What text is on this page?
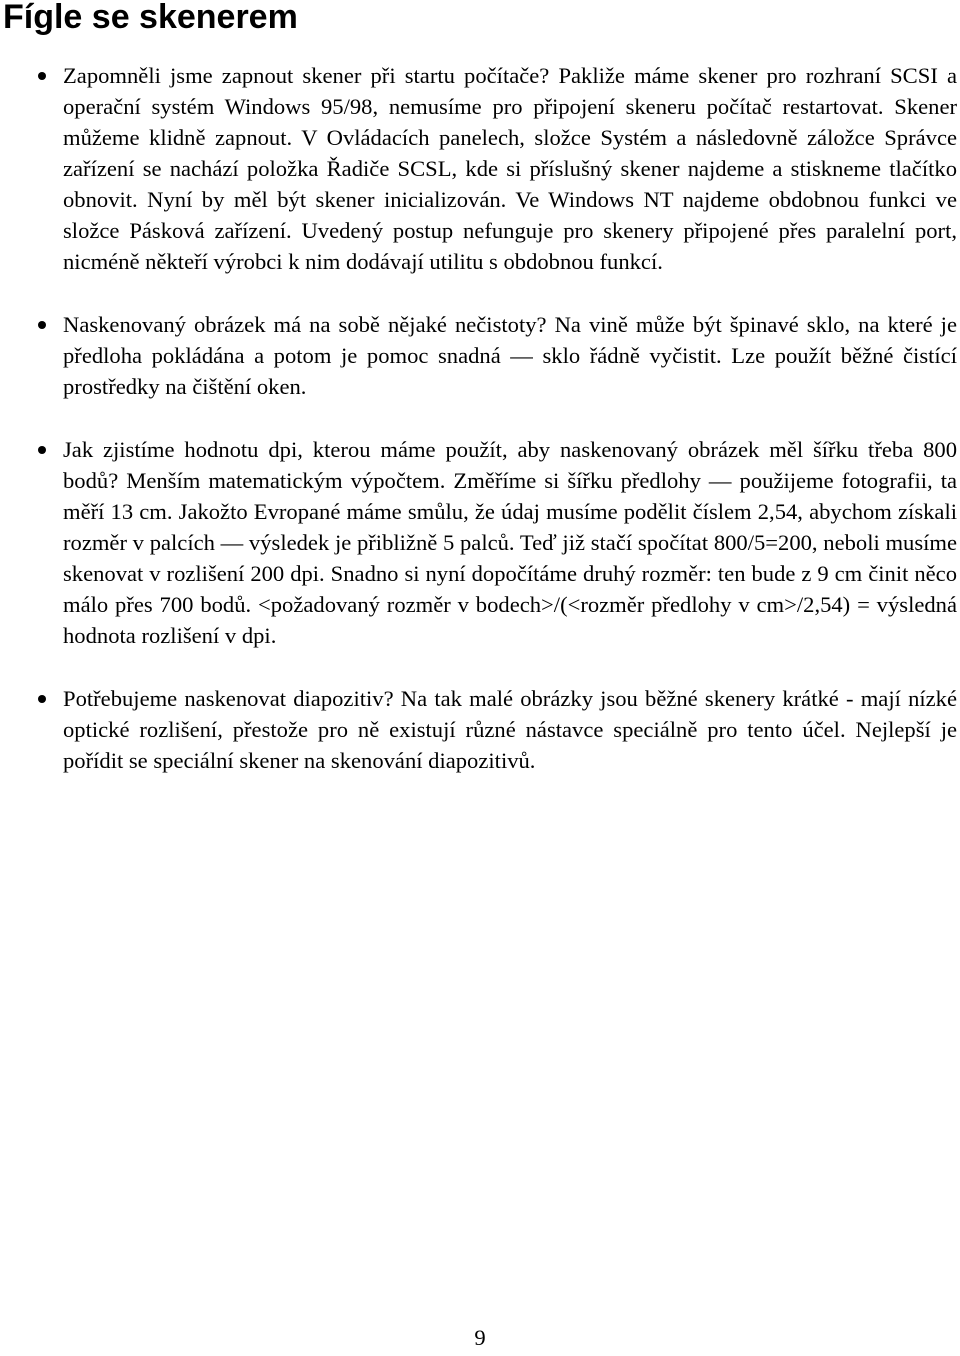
Fígle se skenerem
Zapomněli jsme zapnout skener při startu počítače? Pakliže máme skener pro rozhraní SCSI a operační systém Windows 95/98, nemusíme pro připojení skeneru počítač restartovat. Skener můžeme klidně zapnout. V Ovládacích panelech, složce Systém a následovně záložce Správce zařízení se nachází položka Řadiče SCSL, kde si příslušný skener najdeme a stiskneme tlačítko obnovit. Nyní by měl být skener inicializován. Ve Windows NT najdeme obdobnou funkci ve složce Pásková zařízení. Uvedený postup nefunguje pro skenery připojené přes paralelní port, nicméně někteří výrobci k nim dodávají utilitu s obdobnou funkcí.
Naskenovaný obrázek má na sobě nějaké nečistoty? Na vině může být špinavé sklo, na které je předloha pokládána a potom je pomoc snadná — sklo řádně vyčistit. Lze použít běžné čistící prostředky na čištění oken.
Jak zjistíme hodnotu dpi, kterou máme použít, aby naskenovaný obrázek měl šířku třeba 800 bodů? Menším matematickým výpočtem. Změříme si šířku předlohy — použijeme fotografii, ta měří 13 cm. Jakožto Evropané máme smůlu, že údaj musíme podělit číslem 2,54, abychom získali rozměr v palcích — výsledek je přibližně 5 palců. Teď již stačí spočítat 800/5=200, neboli musíme skenovat v rozlišení 200 dpi. Snadno si nyní dopočítáme druhý rozměr: ten bude z 9 cm činit něco málo přes 700 bodů. <požadovaný rozměr v bodech>/(<rozměr předlohy v cm>/2,54) = výsledná hodnota rozlišení v dpi.
Potřebujeme naskenovat diapozitiv? Na tak malé obrázky jsou běžné skenery krátké - mají nízké optické rozlišení, přestože pro ně existují různé nástavce speciálně pro tento účel. Nejlepší je pořídit se speciální skener na skenování diapozitivů.
9
